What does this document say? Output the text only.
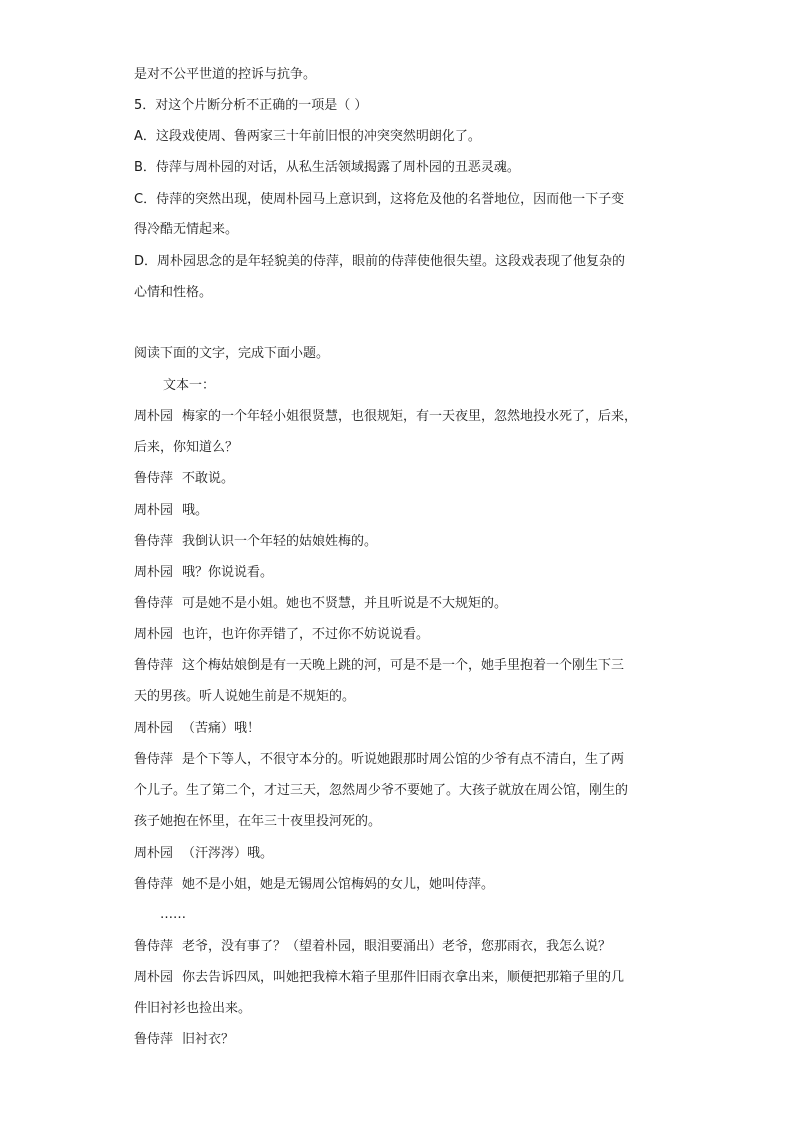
是对不公平世道的控诉与抗争。
5．对这个片断分析不正确的一项是（ ）
A．这段戏使周、鲁两家三十年前旧恨的冲突突然明朗化了。
B．侍萍与周朴园的对话，从私生活领域揭露了周朴园的丑恶灵魂。
C．侍萍的突然出现，使周朴园马上意识到，这将危及他的名誉地位，因而他一下子变
得冷酷无情起来。
D．周朴园思念的是年轻貌美的侍萍，眼前的侍萍使他很失望。这段戏表现了他复杂的
心情和性格。
阅读下面的文字，完成下面小题。
文本一：
周朴园 梅家的一个年轻小姐很贤慧，也很规矩，有一天夜里，忽然地投水死了，后来，
后来，你知道么？
鲁侍萍 不敢说。
周朴园 哦。
鲁侍萍 我倒认识一个年轻的姑娘姓梅的。
周朴园 哦？你说说看。
鲁侍萍 可是她不是小姐。她也不贤慧，并且听说是不大规矩的。
周朴园 也许，也许你弄错了，不过你不妨说说看。
鲁侍萍 这个梅姑娘倒是有一天晚上跳的河，可是不是一个，她手里抱着一个刚生下三
天的男孩。听人说她生前是不规矩的。
周朴园 （苦痛）哦！
鲁侍萍 是个下等人，不很守本分的。听说她跟那时周公馆的少爷有点不清白，生了两
个儿子。生了第二个，才过三天，忽然周少爷不要她了。大孩子就放在周公馆，刚生的
孩子她抱在怀里，在年三十夜里投河死的。
周朴园 （汗涔涔）哦。
鲁侍萍 她不是小姐，她是无锡周公馆梅妈的女儿，她叫侍萍。
……
鲁侍萍 老爷，没有事了？（望着朴园，眼泪要涌出）老爷，您那雨衣，我怎么说？
周朴园 你去告诉四凤，叫她把我樟木箱子里那件旧雨衣拿出来，顺便把那箱子里的几
件旧衬衫也捡出来。
鲁侍萍 旧衬衣？
